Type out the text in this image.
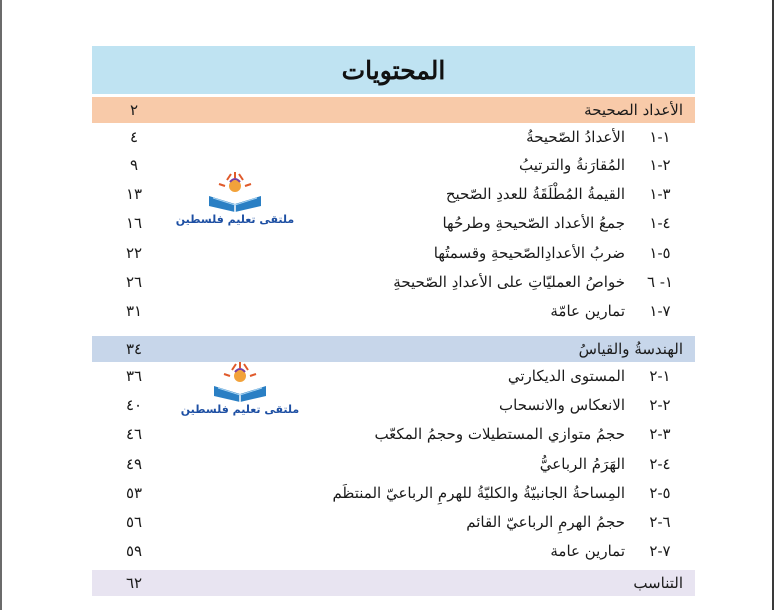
المحتويات
الأعداد الصحيحة
٢
١-١
الأعدادُ الصّحيحةُ
٤
٢-١
المُقارَنةُ والترتيبُ
٩
٣-١
القيمةُ المُطْلَقَةُ للعددِ الصّحيح
١٣
٤-١
جمعُ الأعداد الصّحيحةِ وطرحُها
١٦
٥-١
ضربُ الأعدادِالصّحيحةِ وقسمتُها
٢٢
١- ٦
خواصُ العمليّاتِ على الأعدادِ الصّحيحةِ
٢٦
٧-١
تمارين عامّة
٣١
الهندسةُ والقياسُ
٣٤
١-٢
المستوى الديكارتي
٣٦
٢-٢
الانعكاس والانسحاب
٤٠
٣-٢
حجمُ متوازي المستطيلات وحجمُ المكعّب
٤٦
٤-٢
الهَرَمُ الرباعيُّ
٤٩
٥-٢
المِساحةُ الجانبيّةُ والكليّةُ للهرمِ الرباعيّ المنتظَم
٥٣
٦-٢
حجمُ الهرمِ الرباعيّ القائم
٥٦
٧-٢
تمارين عامة
٥٩
التناسب
٦٢
ملتقى تعليم فلسطين
ملتقى تعليم فلسطين
